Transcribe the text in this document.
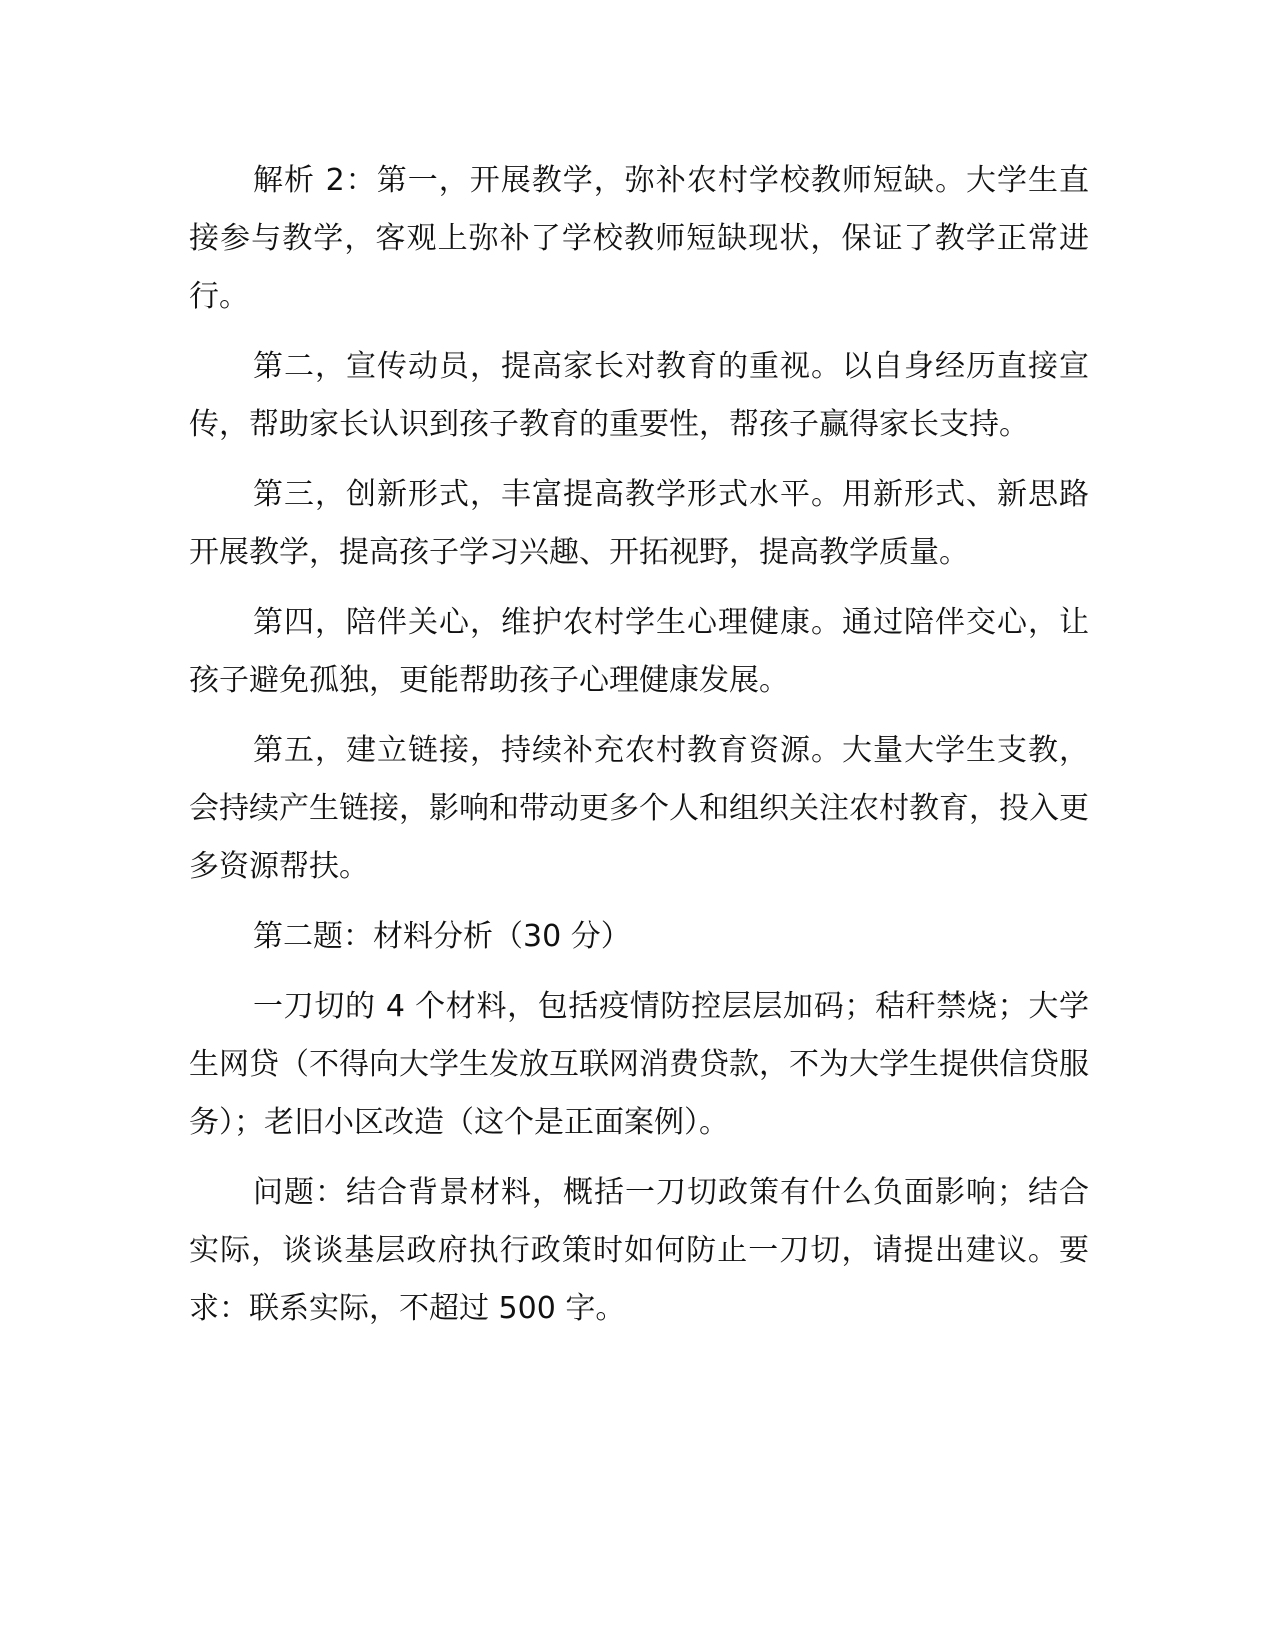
解析 2：第一，开展教学，弥补农村学校教师短缺。大学生直接参与教学，客观上弥补了学校教师短缺现状，保证了教学正常进行。

第二，宣传动员，提高家长对教育的重视。以自身经历直接宣传，帮助家长认识到孩子教育的重要性，帮孩子赢得家长支持。

第三，创新形式，丰富提高教学形式水平。用新形式、新思路开展教学，提高孩子学习兴趣、开拓视野，提高教学质量。

第四，陪伴关心，维护农村学生心理健康。通过陪伴交心，让孩子避免孤独，更能帮助孩子心理健康发展。

第五，建立链接，持续补充农村教育资源。大量大学生支教，会持续产生链接，影响和带动更多个人和组织关注农村教育，投入更多资源帮扶。

第二题：材料分析（30 分）

一刀切的 4 个材料，包括疫情防控层层加码；秸秆禁烧；大学生网贷（不得向大学生发放互联网消费贷款，不为大学生提供信贷服务）；老旧小区改造（这个是正面案例）。

问题：结合背景材料，概括一刀切政策有什么负面影响；结合实际，谈谈基层政府执行政策时如何防止一刀切，请提出建议。要求：联系实际，不超过 500 字。
